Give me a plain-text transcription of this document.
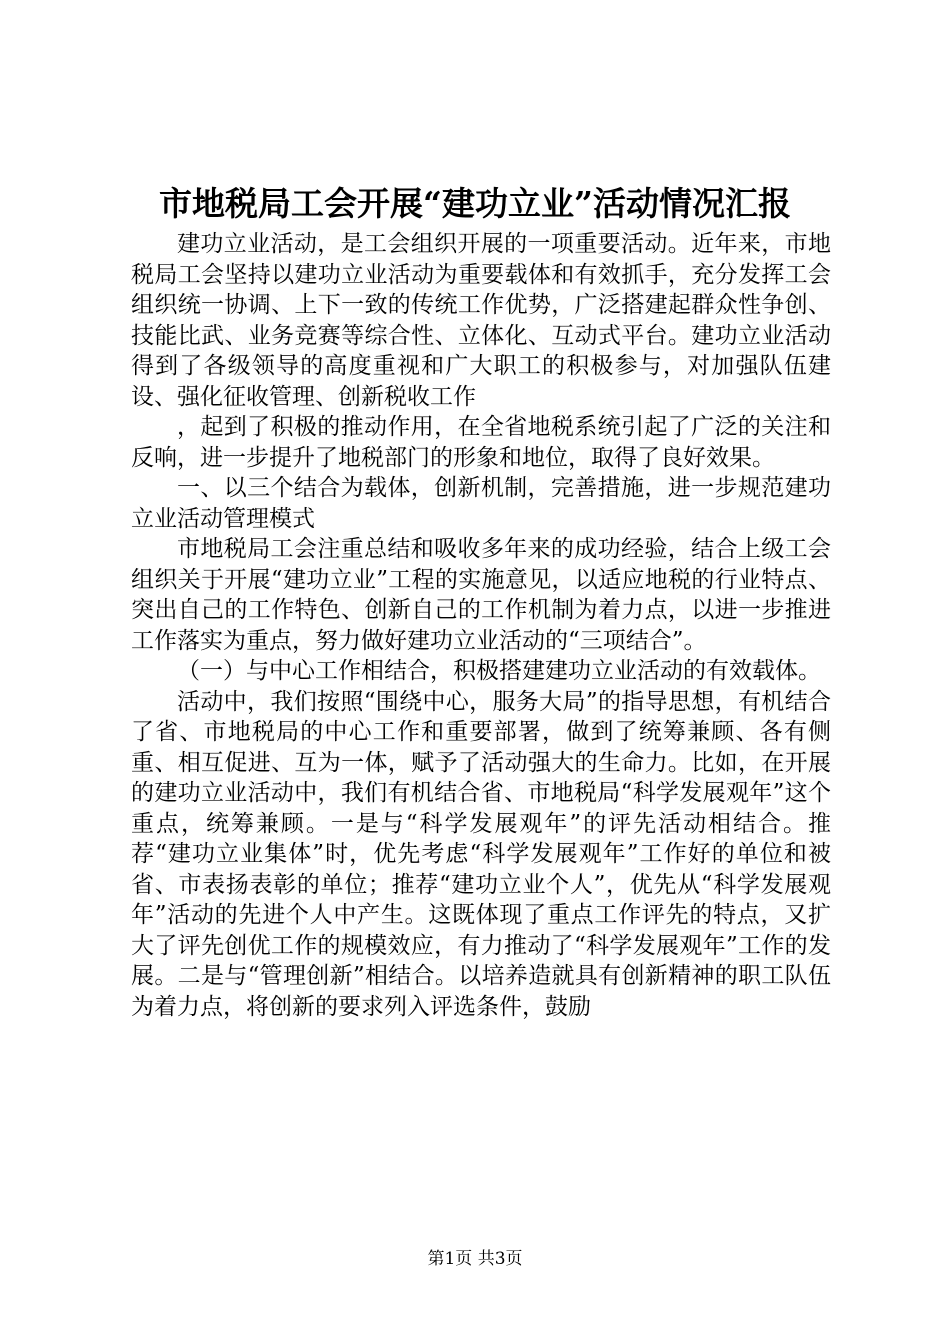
市地税局工会开展“建功立业”活动情况汇报

建功立业活动，是工会组织开展的一项重要活动。近年来，市地税局工会坚持以建功立业活动为重要载体和有效抓手，充分发挥工会组织统一协调、上下一致的传统工作优势，广泛搭建起群众性争创、技能比武、业务竞赛等综合性、立体化、互动式平台。建功立业活动得到了各级领导的高度重视和广大职工的积极参与，对加强队伍建设、强化征收管理、创新税收工作

，起到了积极的推动作用，在全省地税系统引起了广泛的关注和反响，进一步提升了地税部门的形象和地位，取得了良好效果。

一、以三个结合为载体，创新机制，完善措施，进一步规范建功立业活动管理模式

市地税局工会注重总结和吸收多年来的成功经验，结合上级工会组织关于开展“建功立业”工程的实施意见，以适应地税的行业特点、突出自己的工作特色、创新自己的工作机制为着力点，以进一步推进工作落实为重点，努力做好建功立业活动的“三项结合”。

（一）与中心工作相结合，积极搭建建功立业活动的有效载体。

活动中，我们按照“围绕中心，服务大局”的指导思想，有机结合了省、市地税局的中心工作和重要部署，做到了统筹兼顾、各有侧重、相互促进、互为一体，赋予了活动强大的生命力。比如，在开展的建功立业活动中，我们有机结合省、市地税局“科学发展观年”这个重点，统筹兼顾。一是与“科学发展观年”的评先活动相结合。推荐“建功立业集体”时，优先考虑“科学发展观年”工作好的单位和被省、市表扬表彰的单位；推荐“建功立业个人”，优先从“科学发展观年”活动的先进个人中产生。这既体现了重点工作评先的特点，又扩大了评先创优工作的规模效应，有力推动了“科学发展观年”工作的发展。二是与“管理创新”相结合。以培养造就具有创新精神的职工队伍为着力点，将创新的要求列入评选条件，鼓励

第1页 共3页
